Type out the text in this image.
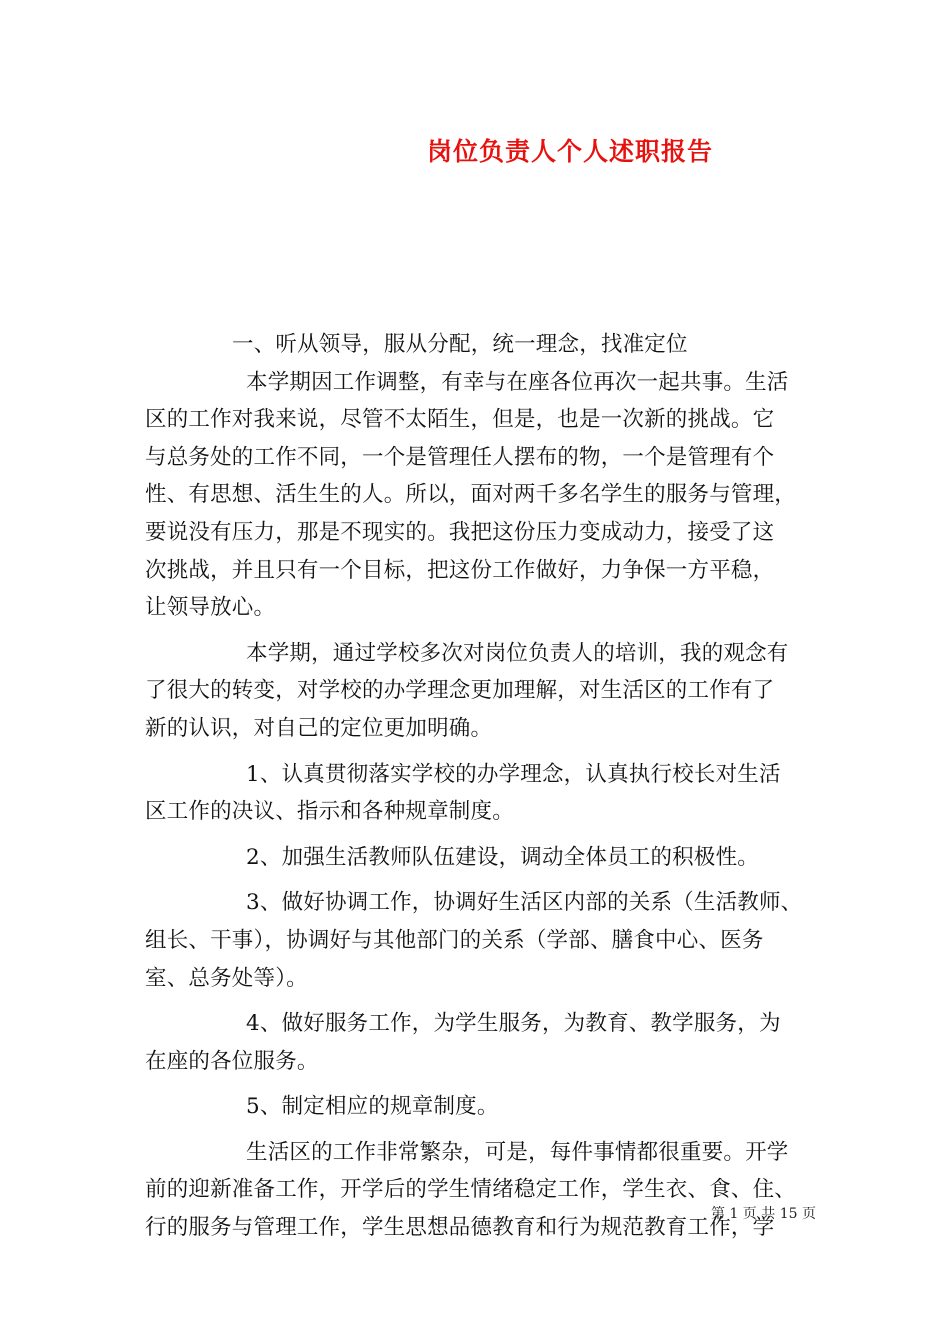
岗位负责人个人述职报告
一、听从领导，服从分配，统一理念，找准定位
本学期因工作调整，有幸与在座各位再次一起共事。生活
区的工作对我来说，尽管不太陌生，但是，也是一次新的挑战。它
与总务处的工作不同，一个是管理任人摆布的物，一个是管理有个
性、有思想、活生生的人。所以，面对两千多名学生的服务与管理，
要说没有压力，那是不现实的。我把这份压力变成动力，接受了这
次挑战，并且只有一个目标，把这份工作做好，力争保一方平稳，
让领导放心。
本学期，通过学校多次对岗位负责人的培训，我的观念有
了很大的转变，对学校的办学理念更加理解，对生活区的工作有了
新的认识，对自己的定位更加明确。
1、认真贯彻落实学校的办学理念，认真执行校长对生活
区工作的决议、指示和各种规章制度。
2、加强生活教师队伍建设，调动全体员工的积极性。
3、做好协调工作，协调好生活区内部的关系（生活教师、
组长、干事），协调好与其他部门的关系（学部、膳食中心、医务
室、总务处等）。
4、做好服务工作，为学生服务，为教育、教学服务，为
在座的各位服务。
5、制定相应的规章制度。
生活区的工作非常繁杂，可是，每件事情都很重要。开学
前的迎新准备工作，开学后的学生情绪稳定工作，学生衣、食、住、
行的服务与管理工作，学生思想品德教育和行为规范教育工作，学
第 1 页 共 15 页
